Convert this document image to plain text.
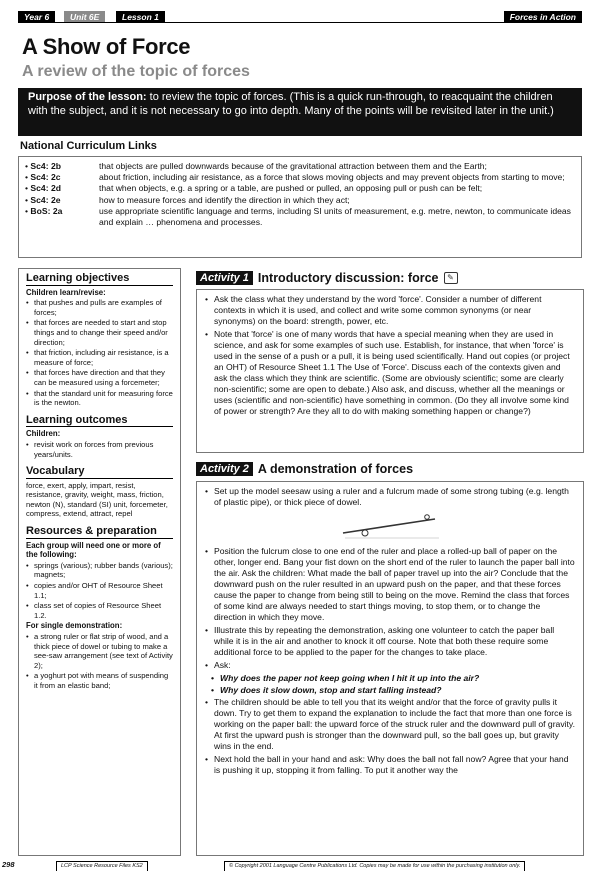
Year 6	Unit 6E	Lesson 1	Forces in Action
A Show of Force
A review of the topic of forces
Purpose of the lesson: to review the topic of forces. (This is a quick run-through, to reacquaint the children with the subject, and it is not necessary to go into depth. Many of the points will be revisited later in the unit.)
National Curriculum Links
• Sc4: 2b	that objects are pulled downwards because of the gravitational attraction between them and the Earth;
• Sc4: 2c	about friction, including air resistance, as a force that slows moving objects and may prevent objects from starting to move;
• Sc4: 2d	that when objects, e.g. a spring or a table, are pushed or pulled, an opposing pull or push can be felt;
• Sc4: 2e	how to measure forces and identify the direction in which they act;
• BoS: 2a	use appropriate scientific language and terms, including SI units of measurement, e.g. metre, newton, to communicate ideas and explain … phenomena and processes.
Learning objectives
Children learn/revise:
• that pushes and pulls are examples of forces;
• that forces are needed to start and stop things and to change their speed and/or direction;
• that friction, including air resistance, is a measure of force;
• that forces have direction and that they can be measured using a forcemeter;
• that the standard unit for measuring force is the newton.
Learning outcomes
Children:
• revisit work on forces from previous years/units.
Vocabulary
force, exert, apply, impart, resist, resistance, gravity, weight, mass, friction, newton (N), standard (SI) unit, forcemeter, compress, extend, attract, repel
Resources & preparation
Each group will need one or more of the following:
• springs (various); rubber bands (various); magnets;
• copies and/or OHT of Resource Sheet 1.1;
• class set of copies of Resource Sheet 1.2.
For single demonstration:
• a strong ruler or flat strip of wood, and a thick piece of dowel or tubing to make a see-saw arrangement (see text of Activity 2);
• a yoghurt pot with means of suspending it from an elastic band;
Activity 1 Introductory discussion: force	✎

• Ask the class what they understand by the word 'force'. Consider a number of different contexts in which it is used, and collect and write some common synonyms (or near synonyms) on the board: strength, power, etc.

• Note that 'force' is one of many words that have a special meaning when they are used in science, and ask for some examples of such use. Establish, for instance, that when 'force' is used in the sense of a push or a pull, it is being used scientifically. Hand out copies (or project an OHT) of Resource Sheet 1.1 The Use of 'Force'. Discuss each of the contexts given and ask the class which they think are scientific. (Some are obviously scientific; some are clearly non-scientific; some are open to debate.) Also ask, and discuss, whether all the meanings or uses (scientific and non-scientific) have something in common. (Do they all involve some kind of power or strength? Are they all to do with making something happen or change?)

Activity 2 A demonstration of forces

• Set up the model seesaw using a ruler and a fulcrum made of some strong tubing (e.g. length of plastic pipe), or thick piece of dowel.

• Position the fulcrum close to one end of the ruler and place a rolled-up ball of paper on the other, longer end. Bang your fist down on the short end of the ruler to launch the paper ball into the air. Ask the children: What made the ball of paper travel up into the air? Conclude that the downward push on the ruler resulted in an upward push on the paper, and that these forces cause the paper to change from being still to being on the move. Remind the class that forces of some kind are always needed to start things moving, to stop them, or to change the direction in which they move.

• Illustrate this by repeating the demonstration, asking one volunteer to catch the paper ball while it is in the air and another to knock it off course. Note that both these require some additional force to be applied to the paper for the changes to take place.

• Ask:

• Why does the paper not keep going when I hit it up into the air?
• Why does it slow down, stop and start falling instead?

• The children should be able to tell you that its weight and/or that the force of gravity pulls it down. Try to get them to expand the explanation to include the fact that more than one force is working on the paper ball: the upward force of the struck ruler and the downward pull of gravity. At first the upward push is stronger than the downward pull, so the ball goes up, but gravity wins in the end.

• Next hold the ball in your hand and ask: Why does the ball not fall now? Agree that your hand is pushing it up, stopping it from falling. To put it another way the

298	LCP Science Resource Files KS2	© Copyright 2001 Language Centre Publications Ltd. Copies may be made for use within the purchasing institution only.
